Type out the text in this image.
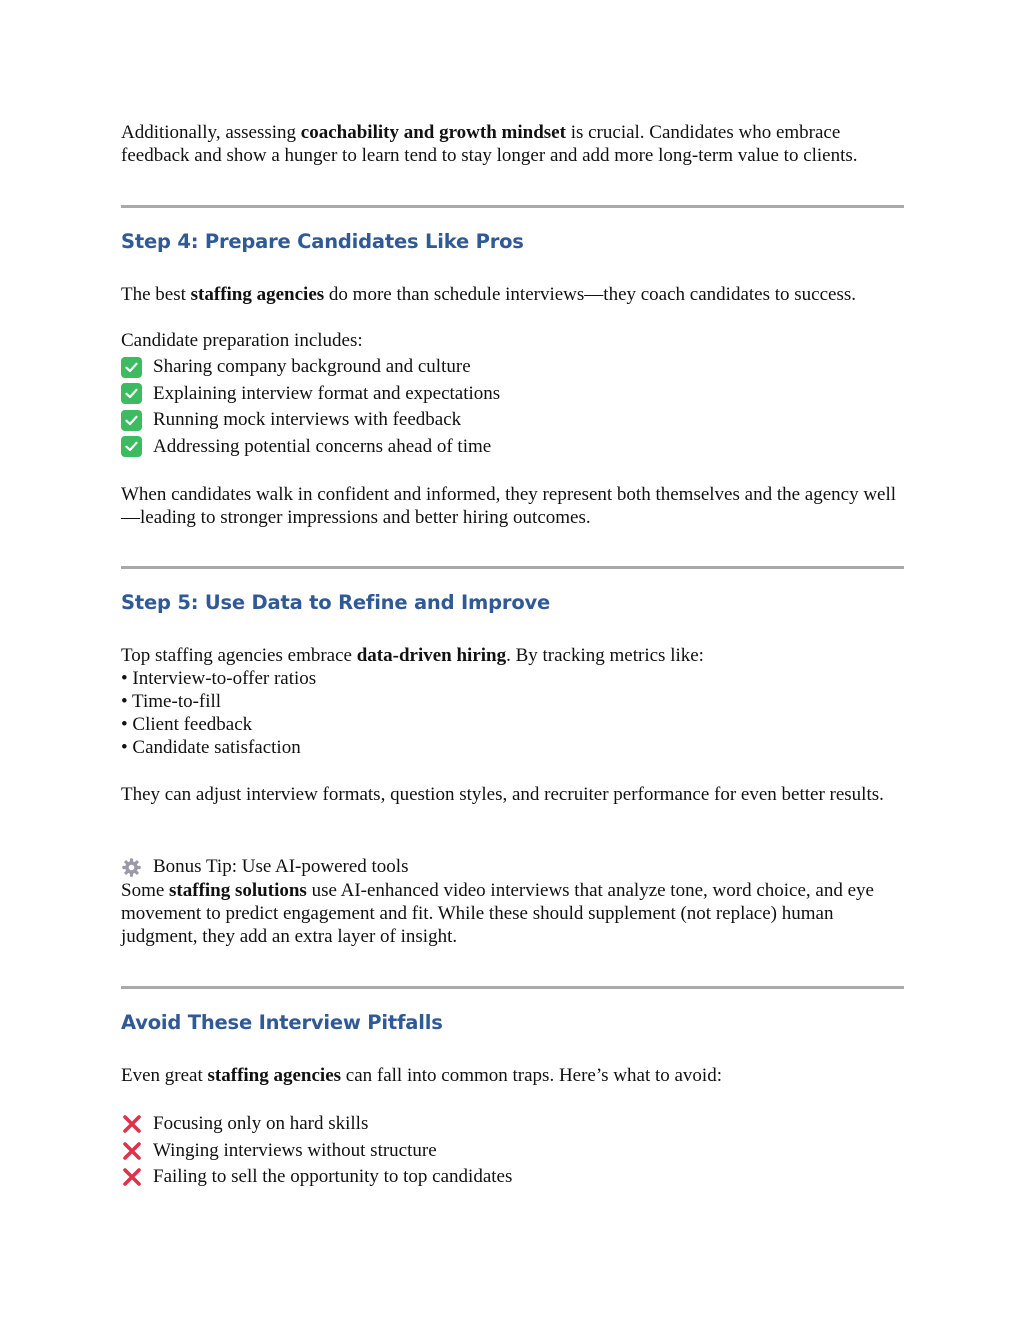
Additionally, assessing coachability and growth mindset is crucial. Candidates who embrace feedback and show a hunger to learn tend to stay longer and add more long-term value to clients.

Step 4: Prepare Candidates Like Pros

The best staffing agencies do more than schedule interviews—they coach candidates to success.

Candidate preparation includes:

Sharing company background and culture
Explaining interview format and expectations
Running mock interviews with feedback
Addressing potential concerns ahead of time

When candidates walk in confident and informed, they represent both themselves and the agency well—leading to stronger impressions and better hiring outcomes.

Step 5: Use Data to Refine and Improve

Top staffing agencies embrace data-driven hiring. By tracking metrics like:

• Interview-to-offer ratios
• Time-to-fill
• Client feedback
• Candidate satisfaction

They can adjust interview formats, question styles, and recruiter performance for even better results.

Bonus Tip: Use AI-powered tools

Some staffing solutions use AI-enhanced video interviews that analyze tone, word choice, and eye movement to predict engagement and fit. While these should supplement (not replace) human judgment, they add an extra layer of insight.

Avoid These Interview Pitfalls

Even great staffing agencies can fall into common traps. Here’s what to avoid:

Focusing only on hard skills
Winging interviews without structure
Failing to sell the opportunity to top candidates
